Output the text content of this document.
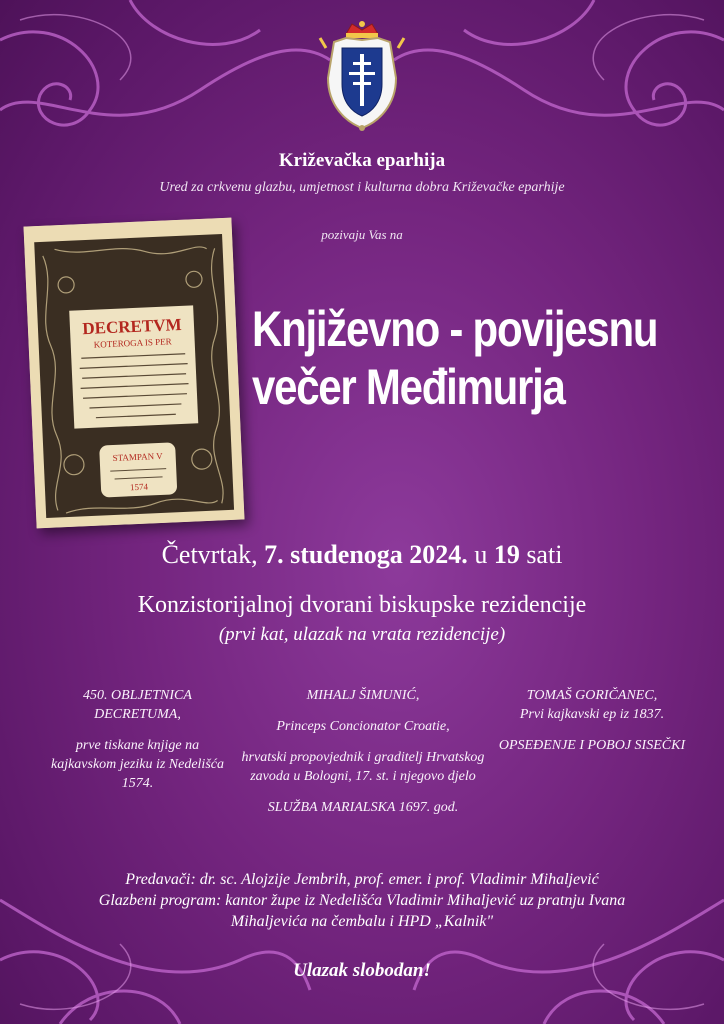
Križevačka eparhija
Ured za crkvenu glazbu, umjetnost i kulturna dobra Križevačke eparhije
pozivaju Vas na
DECRETVM
KOTEROGA IS PER
STAMPAN V
1574
Književno - povijesnu
večer Međimurja
Četvrtak, 7. studenoga 2024. u 19 sati
Konzistorijalnoj dvorani biskupske rezidencije
(prvi kat, ulazak na vrata rezidencije)

450. OBLJETNICA DECRETUMA,

prve tiskane knjige na kajkavskom jeziku iz Nedelišća 1574.

MIHALJ ŠIMUNIĆ,

Princeps Concionator Croatie,

hrvatski propovjednik i graditelj Hrvatskog zavoda u Bologni, 17. st. i njegovo djelo

SLUŽBA MARIALSKA 1697. god.

TOMAŠ GORIČANEC,

Prvi kajkavski ep iz 1837.

OPSEĐENJE I POBOJ SISEČKI

Predavači: dr. sc. Alojzije Jembrih, prof. emer. i prof. Vladimir Mihaljević
Glazbeni program: kantor župe iz Nedelišća Vladimir Mihaljević uz pratnju Ivana
Mihaljevića na čembalu i HPD „Kalnik"
Ulazak slobodan!
